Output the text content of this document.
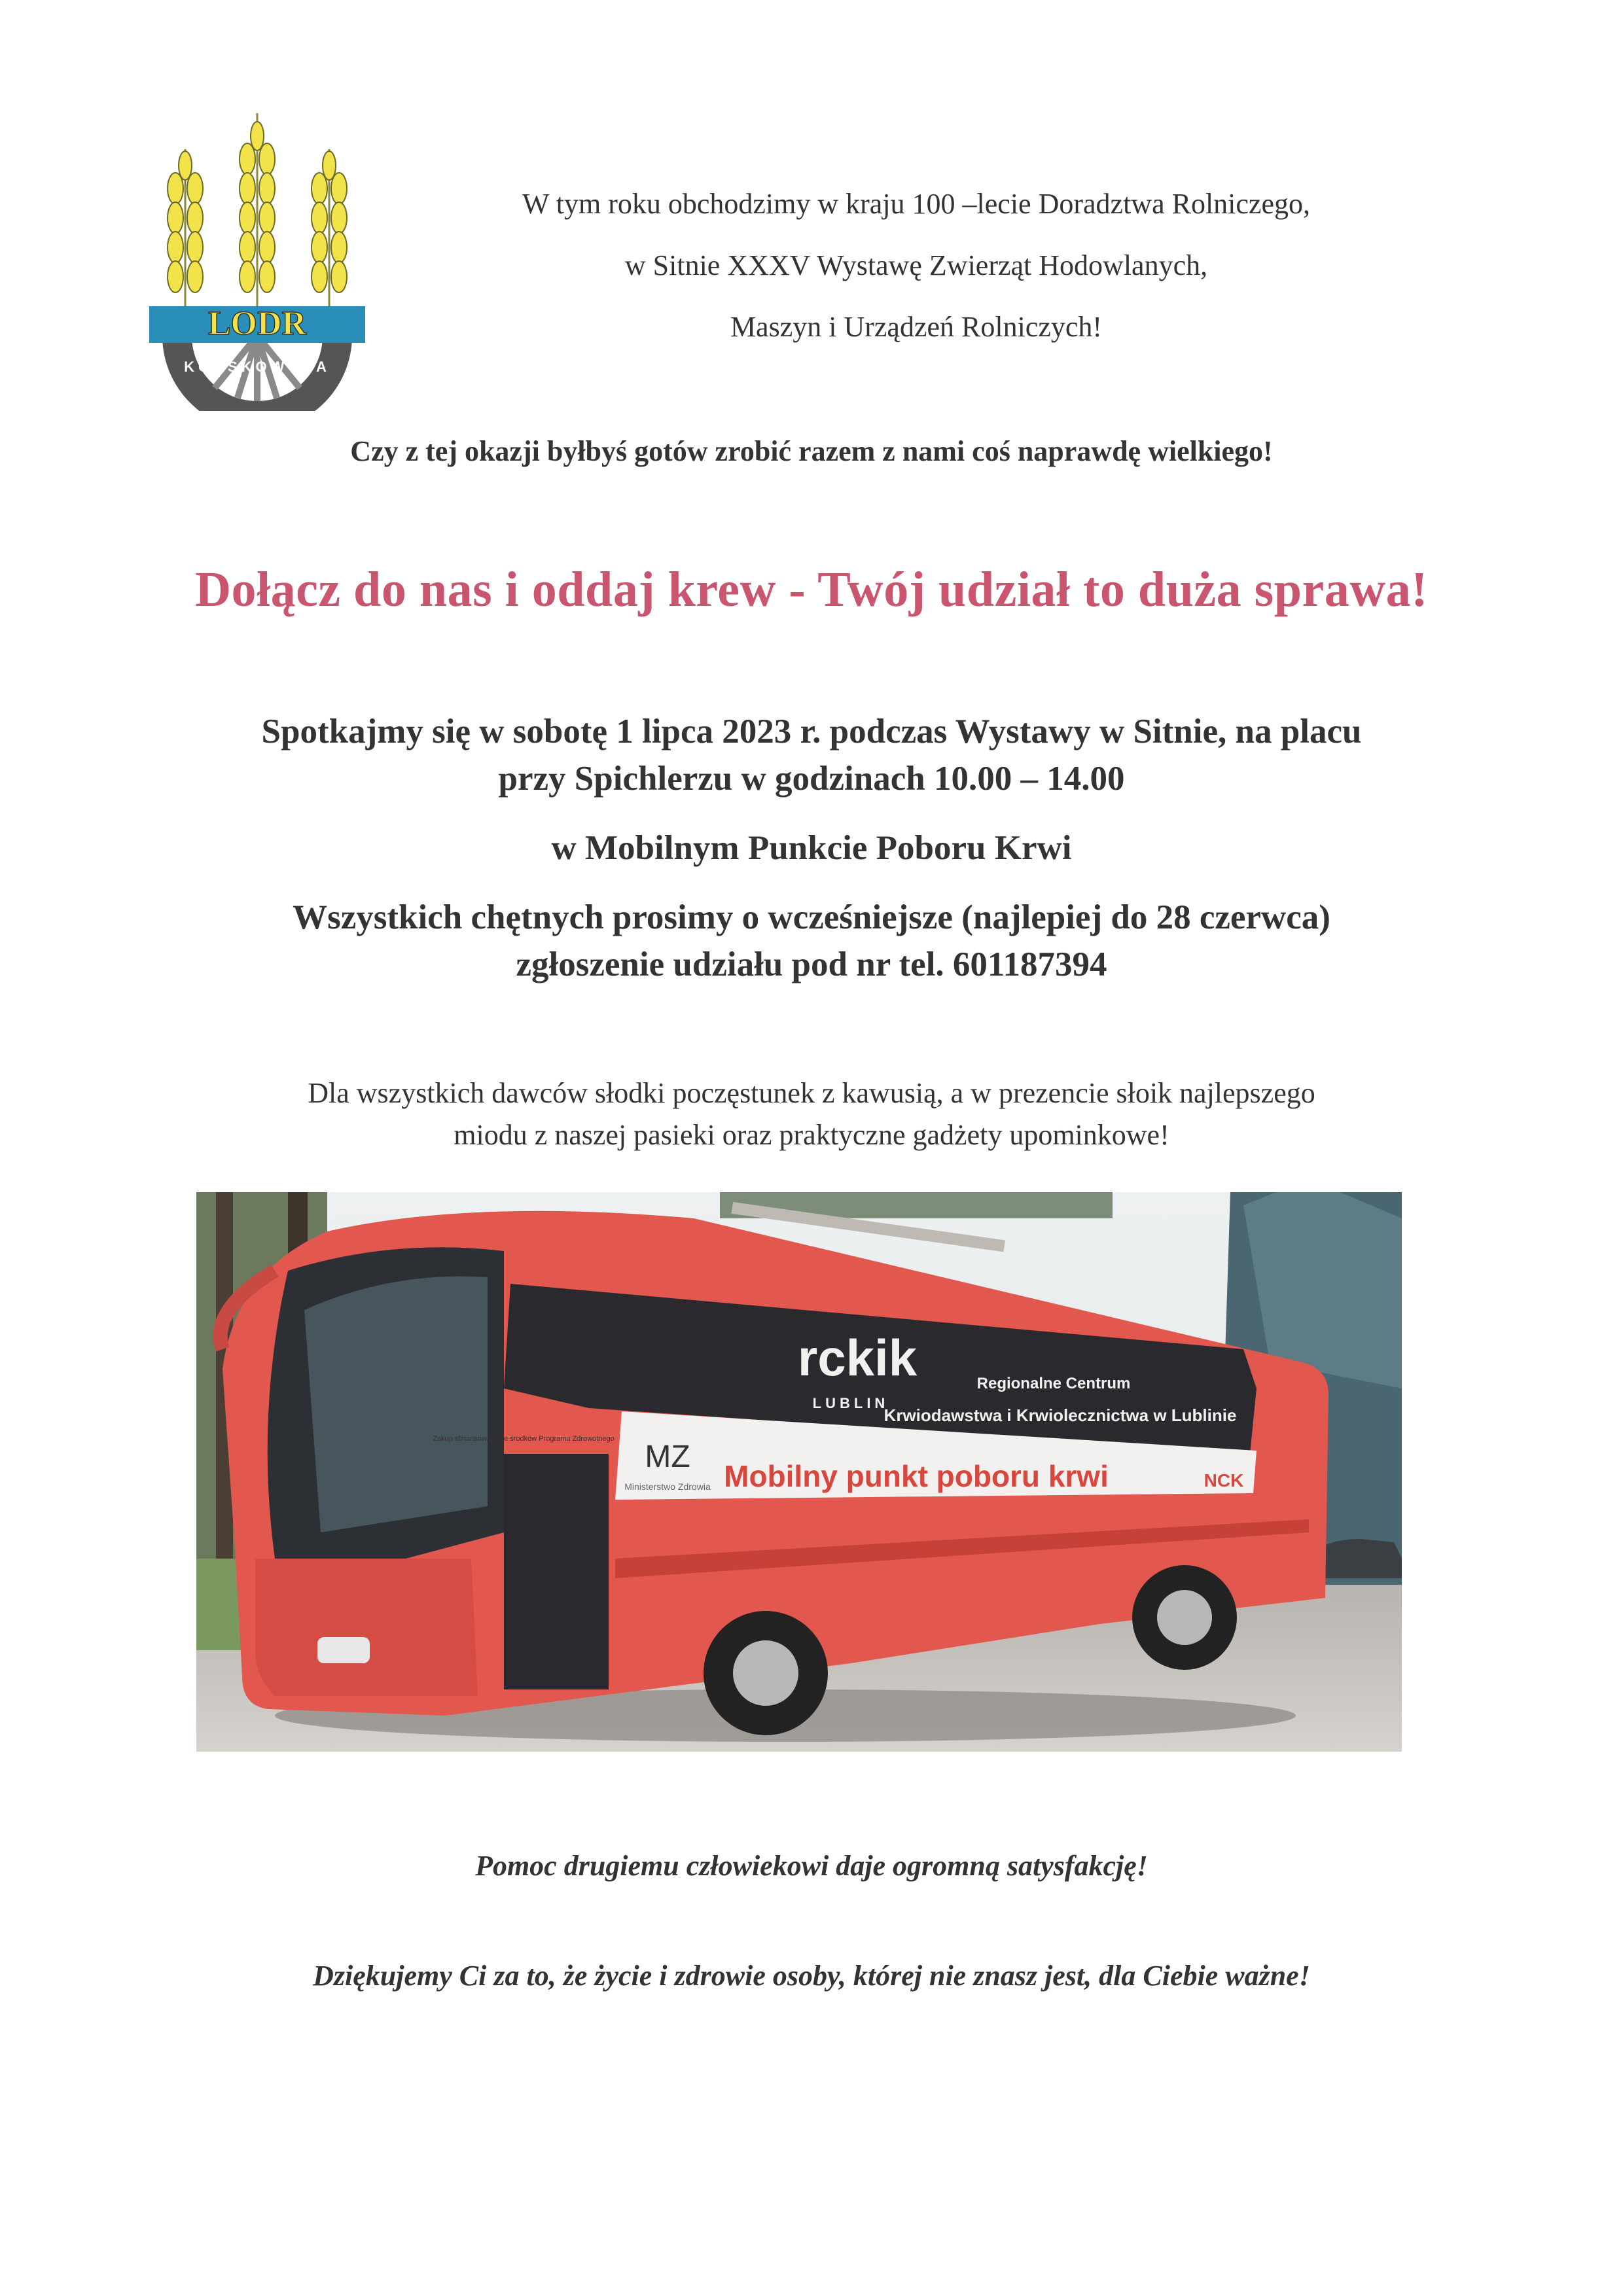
LODR
KOŃSKOWOLA
W tym roku obchodzimy w kraju 100 –lecie Doradztwa Rolniczego,
w Sitnie XXXV Wystawę Zwierząt Hodowlanych,
Maszyn i Urządzeń Rolniczych!
Czy z tej okazji byłbyś gotów zrobić razem z nami coś naprawdę wielkiego!
Dołącz do nas i oddaj krew - Twój udział to duża sprawa!
Spotkajmy się w sobotę 1 lipca 2023 r. podczas Wystawy w Sitnie, na placu
przy Spichlerzu w godzinach 10.00 – 14.00
w Mobilnym Punkcie Poboru Krwi
Wszystkich chętnych prosimy o wcześniejsze (najlepiej do 28 czerwca)
zgłoszenie udziału pod nr tel. 601187394
Dla wszystkich dawców słodki poczęstunek z kawusią, a w prezencie słoik najlepszego
miodu z naszej pasieki oraz praktyczne gadżety upominkowe!
rckik
LUBLIN
Regionalne Centrum
Krwiodawstwa i Krwiolecznictwa w Lublinie
Mobilny punkt poboru krwi	NCK
MZ
Ministerstwo Zdrowia
Zakup sfinansowany ze środków Programu Zdrowotnego
Pomoc drugiemu człowiekowi daje ogromną satysfakcję!
Dziękujemy Ci za to, że życie i zdrowie osoby, której nie znasz jest, dla Ciebie ważne!
